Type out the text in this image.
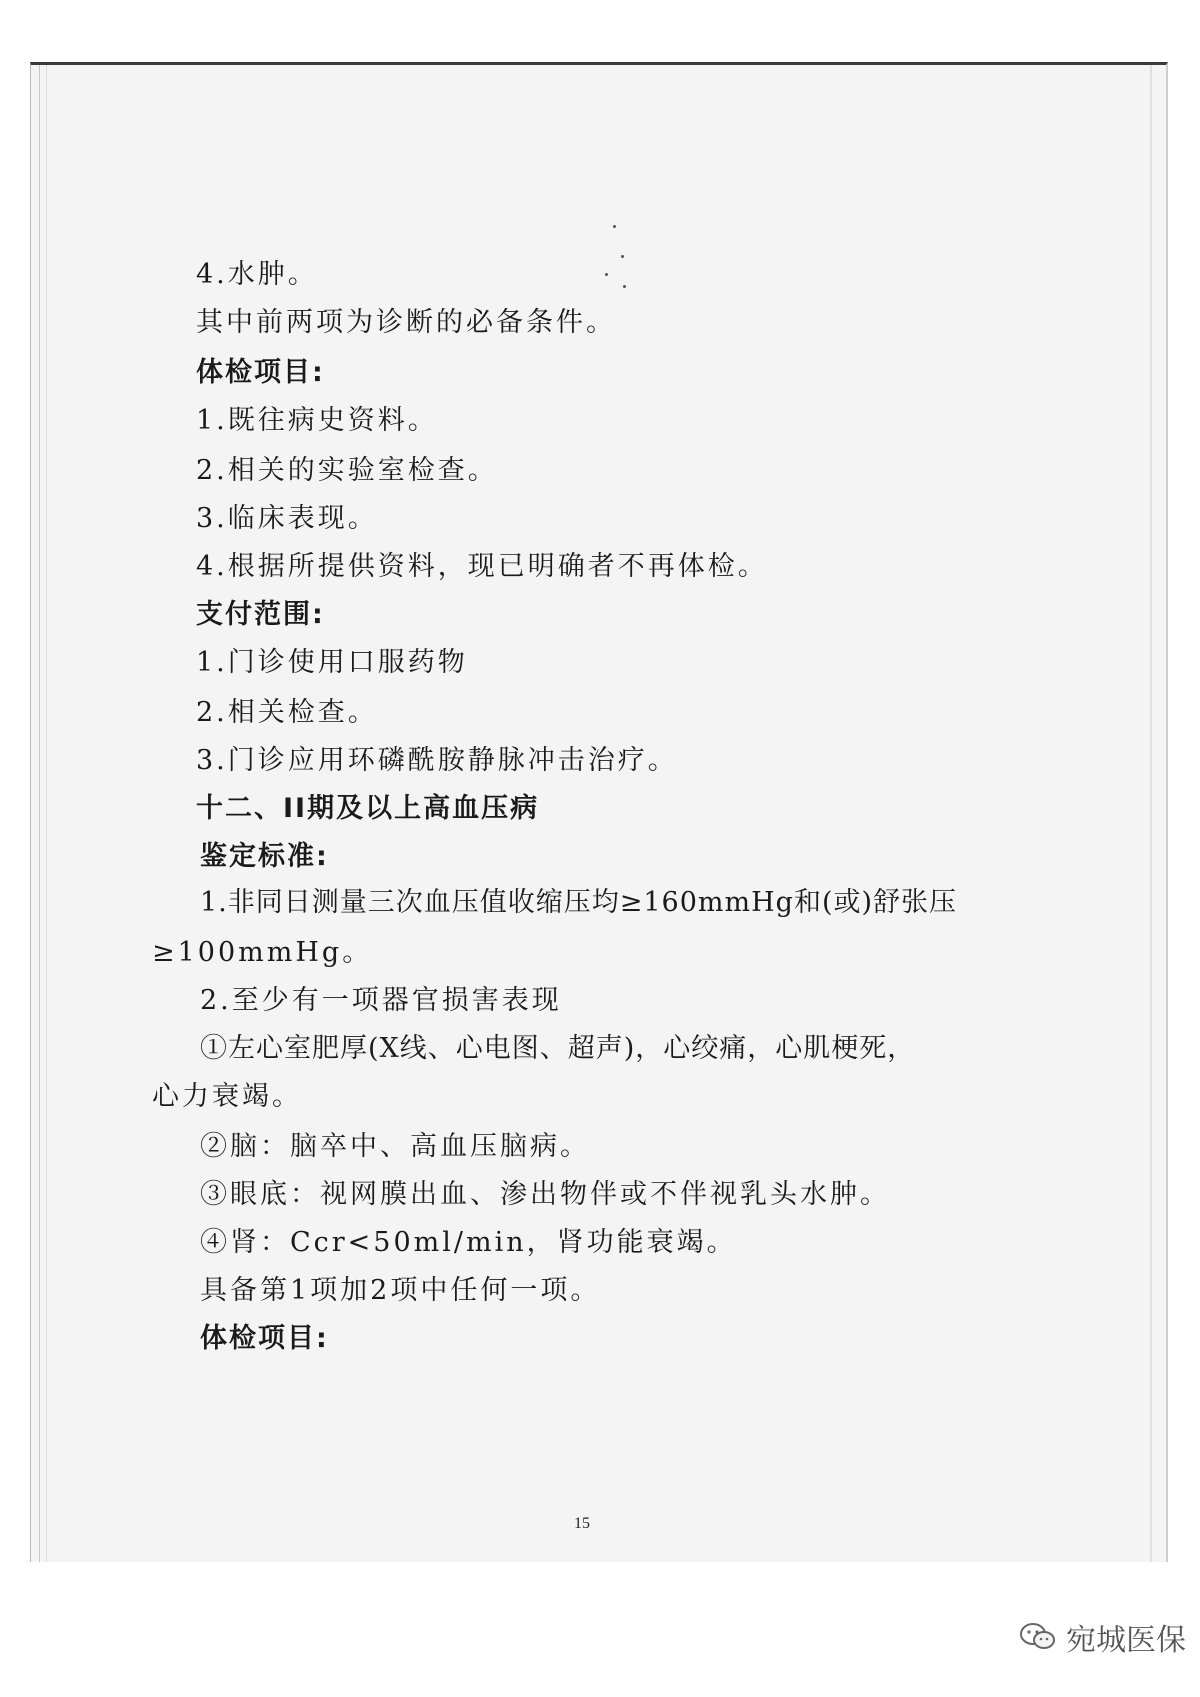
4.水肿。
其中前两项为诊断的必备条件。
体检项目:
1.既往病史资料。
2.相关的实验室检查。
3.临床表现。
4.根据所提供资料，现已明确者不再体检。
支付范围:
1.门诊使用口服药物
2.相关检查。
3.门诊应用环磷酰胺静脉冲击治疗。
十二、II期及以上高血压病
鉴定标准:
1.非同日测量三次血压值收缩压均≥160mmHg和(或)舒张压
≥100mmHg。
2.至少有一项器官损害表现
①左心室肥厚(X线、心电图、超声)，心绞痛，心肌梗死，
心力衰竭。
②脑：脑卒中、高血压脑病。
③眼底：视网膜出血、渗出物伴或不伴视乳头水肿。
④肾：Ccr<50ml/min，肾功能衰竭。
具备第1项加2项中任何一项。
体检项目:
15
宛城医保
